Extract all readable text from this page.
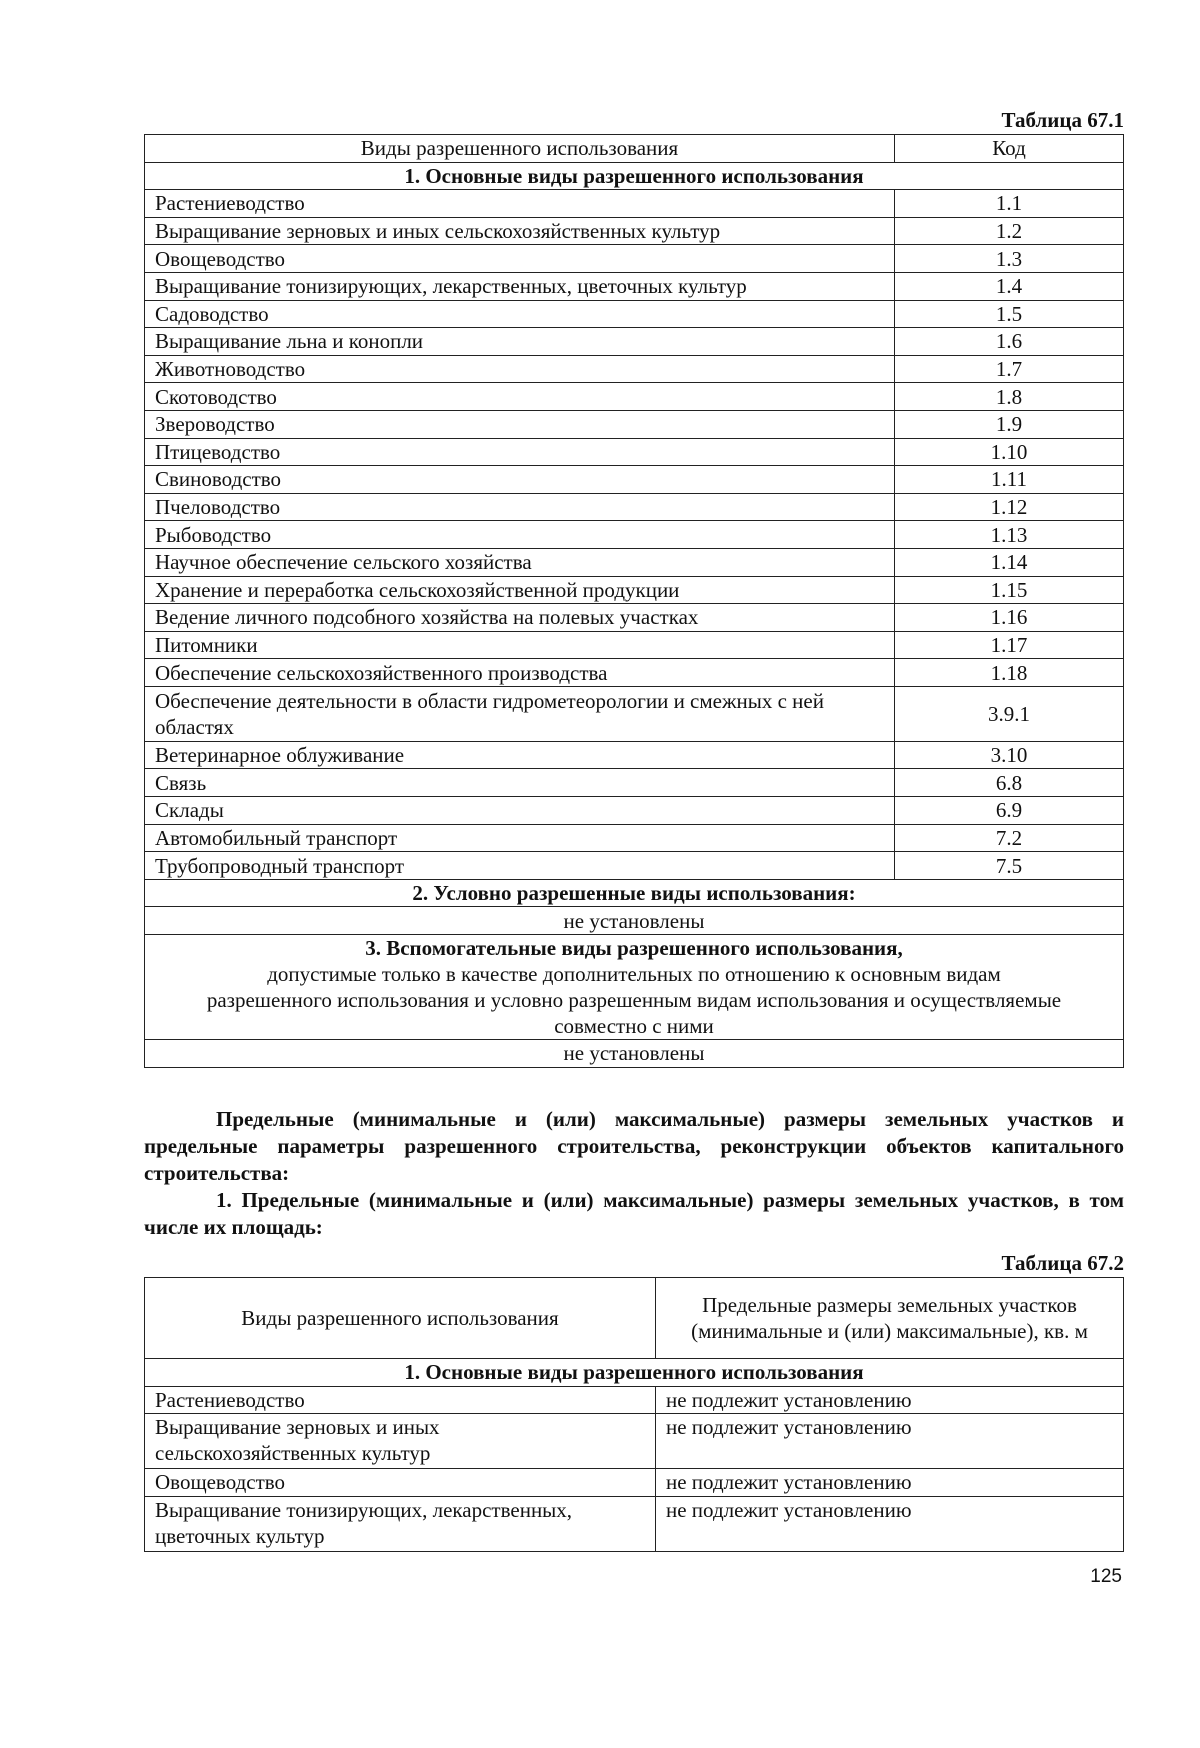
Таблица 67.1
Виды разрешенного использования	Код
1. Основные виды разрешенного использования	
Растениеводство	1.1
Выращивание зерновых и иных сельскохозяйственных культур	1.2
Овощеводство	1.3
Выращивание тонизирующих, лекарственных, цветочных культур	1.4
Садоводство	1.5
Выращивание льна и конопли	1.6
Животноводство	1.7
Скотоводство	1.8
Звероводство	1.9
Птицеводство	1.10
Свиноводство	1.11
Пчеловодство	1.12
Рыбоводство	1.13
Научное обеспечение сельского хозяйства	1.14
Хранение и переработка сельскохозяйственной продукции	1.15
Ведение личного подсобного хозяйства на полевых участках	1.16
Питомники	1.17
Обеспечение сельскохозяйственного производства	1.18
Обеспечение деятельности в области гидрометеорологии и смежных с ней областях	3.9.1
Ветеринарное облуживание	3.10
Связь	6.8
Склады	6.9
Автомобильный транспорт	7.2
Трубопроводный транспорт	7.5
2. Условно разрешенные виды использования:	
не установлены	

3. Вспомогательные виды разрешенного использования,
допустимые только в качестве дополнительных по отношению к основным видам разрешенного использования и условно разрешенным видам использования и осуществляемые совместно с ними	

не установлены	
Предельные (минимальные и (или) максимальные) размеры земельных участков и предельные параметры разрешенного строительства, реконструкции объектов капитального строительства:
1. Предельные (минимальные и (или) максимальные) размеры земельных участков, в том числе их площадь:
Таблица 67.2
Виды разрешенного использования	Предельные размеры земельных участков (минимальные и (или) максимальные), кв. м
1. Основные виды разрешенного использования	
Растениеводство	не подлежит установлению
Выращивание зерновых и иных сельскохозяйственных культур	не подлежит установлению
Овощеводство	не подлежит установлению
Выращивание тонизирующих, лекарственных, цветочных культур	не подлежит установлению
125
